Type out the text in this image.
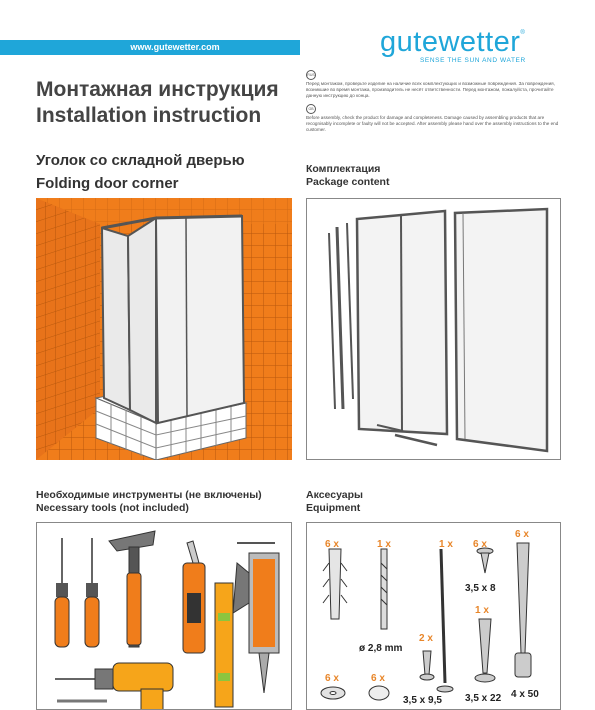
www.gutewetter.com	gutewetter®
SENSE THE SUN AND WATER
Монтажная инструкция
Installation instruction
RUS
Перед монтажом, проверьте изделие на наличие всех комплектующих и возможные повреждения. За повреждения, возникшие во время монтажа, производитель не несёт ответственности. Перед монтажом, пожалуйста, прочитайте данную инструкцию до конца.
GB
Before assembly, check the product for damage and completeness. Damage caused by assembling products that are recognisably incomplete or faulty will not be accepted. After assembly please hand over the assembly instructions to the end customer.
Уголок со складной дверью
Folding door corner
Комплектация
Package content
Необходимые инструменты (не включены)
Necessary tools (not included)
Аксесуары
Equipment
6 x	1 x
ø 2,8 mm
1 x 6 x
3,5 x 8
6 x
4 x 50
1 x
3,5 x 22
2 x
3,5 x 9,5
6 x	6 x
